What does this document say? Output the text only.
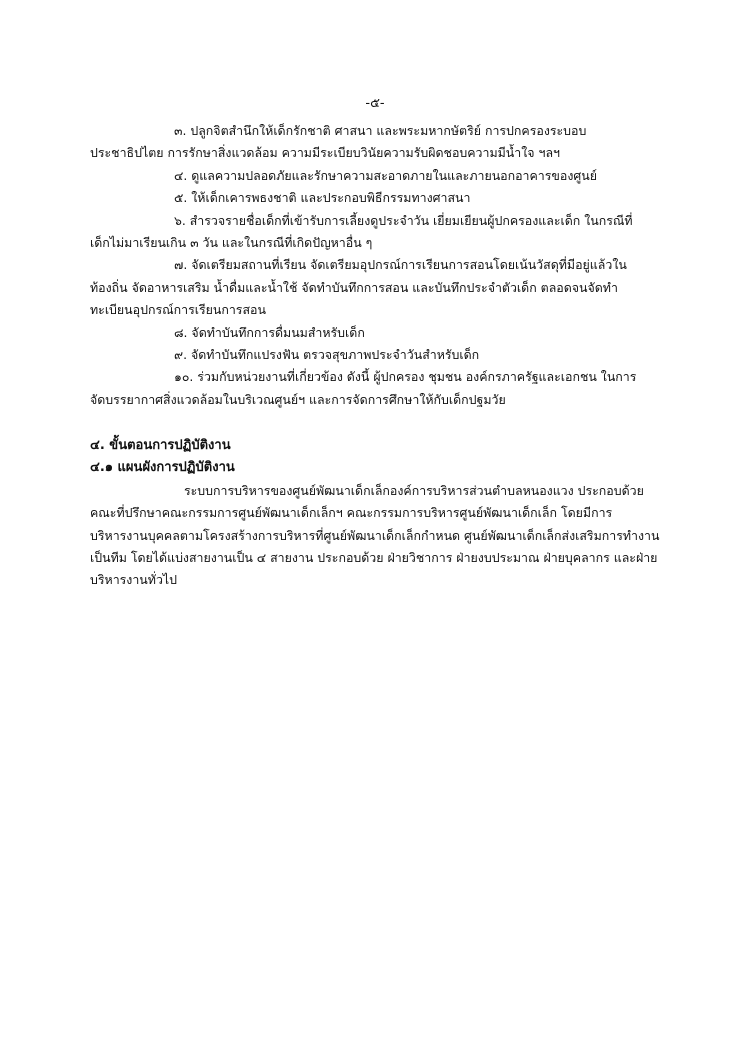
-๕-
๓. ปลูกจิตสำนึกให้เด็กรักชาติ ศาสนา และพระมหากษัตริย์ การปกครองระบอบ
ประชาธิปไตย การรักษาสิ่งแวดล้อม ความมีระเบียบวินัยความรับผิดชอบความมีน้ำใจ ฯลฯ
๔. ดูแลความปลอดภัยและรักษาความสะอาดภายในและภายนอกอาคารของศูนย์
๕. ให้เด็กเคารพธงชาติ และประกอบพิธีกรรมทางศาสนา
๖. สำรวจรายชื่อเด็กที่เข้ารับการเลี้ยงดูประจำวัน เยี่ยมเยียนผู้ปกครองและเด็ก ในกรณีที่
เด็กไม่มาเรียนเกิน ๓ วัน และในกรณีที่เกิดปัญหาอื่น ๆ
๗. จัดเตรียมสถานที่เรียน จัดเตรียมอุปกรณ์การเรียนการสอนโดยเน้นวัสดุที่มีอยู่แล้วใน
ท้องถิ่น จัดอาหารเสริม น้ำดื่มและน้ำใช้ จัดทำบันทึกการสอน และบันทึกประจำตัวเด็ก ตลอดจนจัดทำ
ทะเบียนอุปกรณ์การเรียนการสอน
๘. จัดทำบันทึกการดื่มนมสำหรับเด็ก
๙. จัดทำบันทึกแปรงฟัน ตรวจสุขภาพประจำวันสำหรับเด็ก
๑๐. ร่วมกับหน่วยงานที่เกี่ยวข้อง ดังนี้ ผู้ปกครอง ชุมชน องค์กรภาครัฐและเอกชน ในการ
จัดบรรยากาศสิ่งแวดล้อมในบริเวณศูนย์ฯ และการจัดการศึกษาให้กับเด็กปฐมวัย
๔. ขั้นตอนการปฏิบัติงาน
๔.๑ แผนผังการปฏิบัติงาน
ระบบการบริหารของศูนย์พัฒนาเด็กเล็กองค์การบริหารส่วนตำบลหนองแวง ประกอบด้วย
คณะที่ปรึกษาคณะกรรมการศูนย์พัฒนาเด็กเล็กฯ คณะกรรมการบริหารศูนย์พัฒนาเด็กเล็ก โดยมีการ
บริหารงานบุคคลตามโครงสร้างการบริหารที่ศูนย์พัฒนาเด็กเล็กกำหนด ศูนย์พัฒนาเด็กเล็กส่งเสริมการทำงาน
เป็นทีม โดยได้แบ่งสายงานเป็น ๔ สายงาน ประกอบด้วย ฝ่ายวิชาการ ฝ่ายงบประมาณ ฝ่ายบุคลากร และฝ่าย
บริหารงานทั่วไป
